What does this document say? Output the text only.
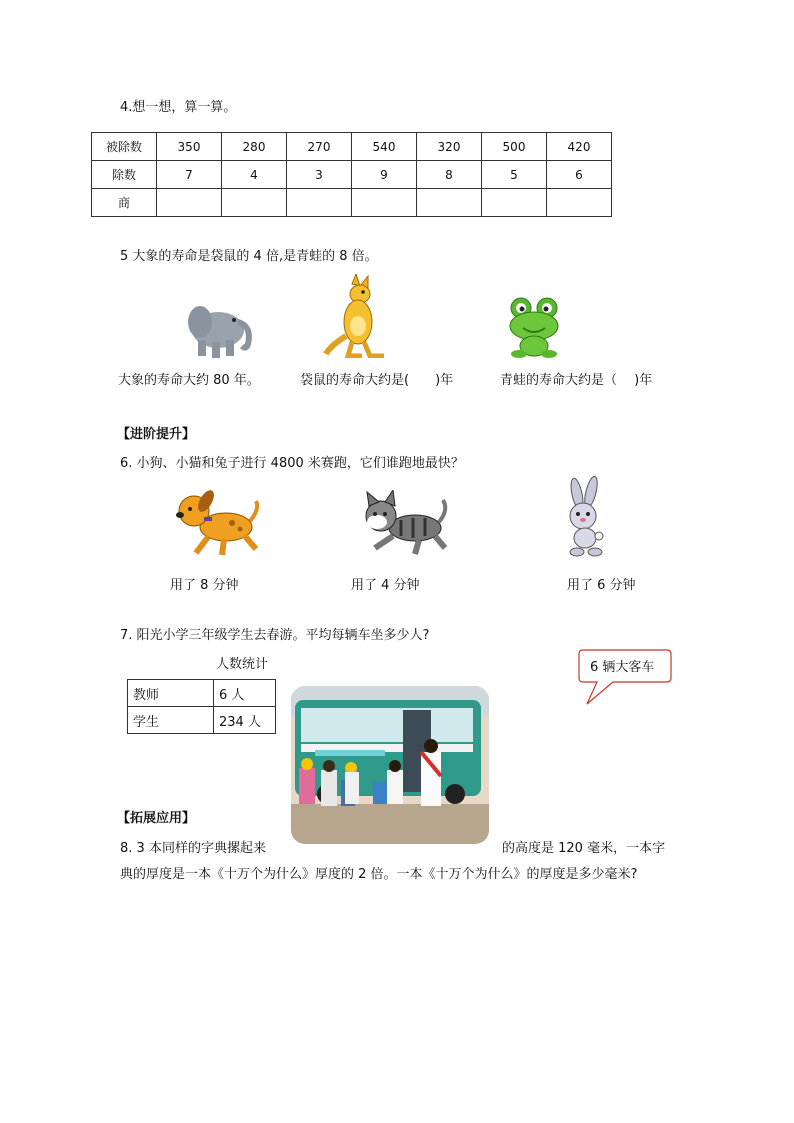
4.想一想，算一算。
被除数	350	280	270	540	320	500	420
除数	7	4	3	9	8	5	6
商							
5 大象的寿命是袋鼠的 4 倍,是青蛙的 8 倍。
大象的寿命大约 80 年。	袋鼠的寿命大约是(　　)年	青蛙的寿命大约是（　 )年
【进阶提升】
6. 小狗、小猫和兔子进行 4800 米赛跑，它们谁跑地最快？
用了 8 分钟	用了 4 分钟	用了 6 分钟
7. 阳光小学三年级学生去春游。平均每辆车坐多少人?
人数统计
教师	6 人
学生	234 人
6 辆大客车
【拓展应用】
8. 3 本同样的字典摞起来	的高度是 120 毫米，一本字
典的厚度是一本《十万个为什么》厚度的 2 倍。一本《十万个为什么》的厚度是多少毫米?
